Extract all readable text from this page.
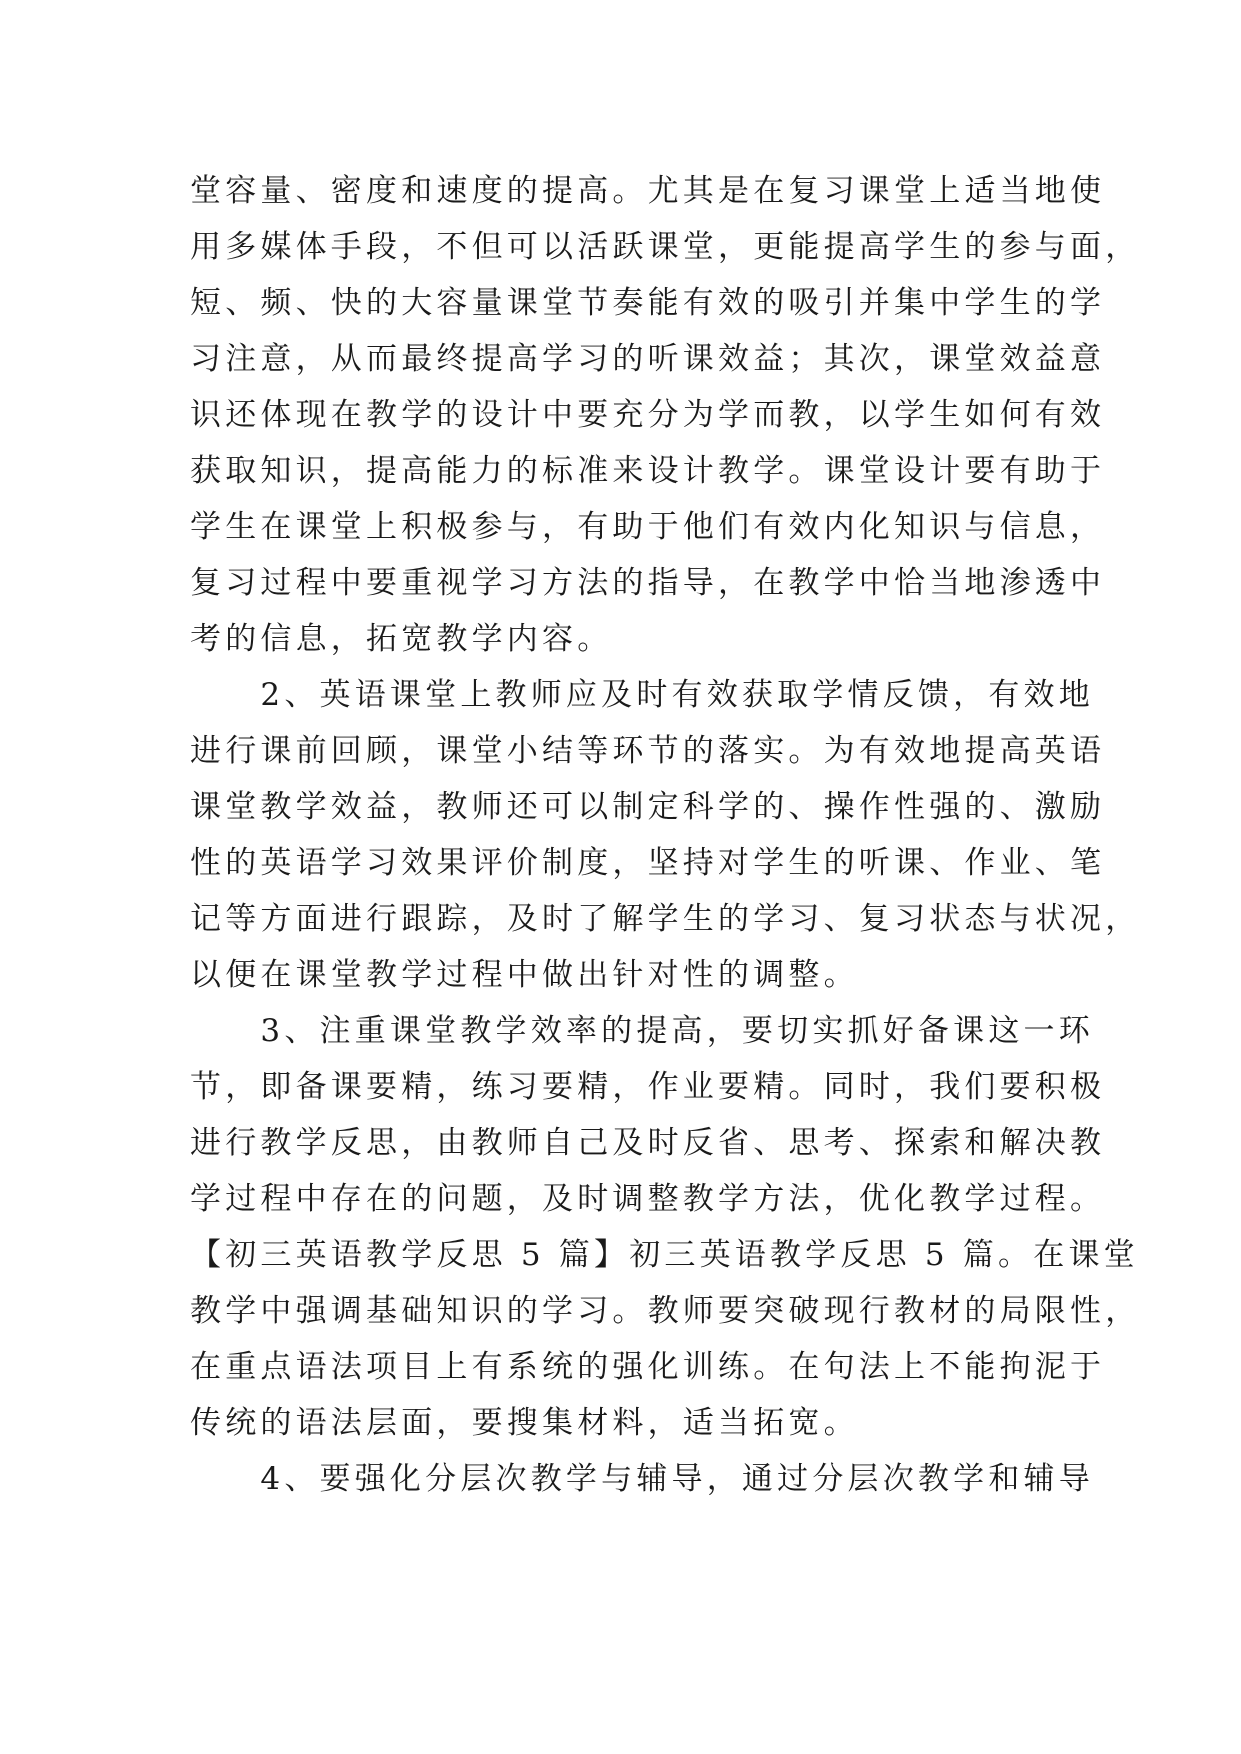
堂容量、密度和速度的提高。尤其是在复习课堂上适当地使
用多媒体手段，不但可以活跃课堂，更能提高学生的参与面，
短、频、快的大容量课堂节奏能有效的吸引并集中学生的学
习注意，从而最终提高学习的听课效益；其次，课堂效益意
识还体现在教学的设计中要充分为学而教，以学生如何有效
获取知识，提高能力的标准来设计教学。课堂设计要有助于
学生在课堂上积极参与，有助于他们有效内化知识与信息，
复习过程中要重视学习方法的指导，在教学中恰当地渗透中
考的信息，拓宽教学内容。
　　2、英语课堂上教师应及时有效获取学情反馈，有效地
进行课前回顾，课堂小结等环节的落实。为有效地提高英语
课堂教学效益，教师还可以制定科学的、操作性强的、激励
性的英语学习效果评价制度，坚持对学生的听课、作业、笔
记等方面进行跟踪，及时了解学生的学习、复习状态与状况，
以便在课堂教学过程中做出针对性的调整。
　　3、注重课堂教学效率的提高，要切实抓好备课这一环
节，即备课要精，练习要精，作业要精。同时，我们要积极
进行教学反思，由教师自己及时反省、思考、探索和解决教
学过程中存在的问题，及时调整教学方法，优化教学过程。
【初三英语教学反思 5 篇】初三英语教学反思 5 篇。在课堂
教学中强调基础知识的学习。教师要突破现行教材的局限性，
在重点语法项目上有系统的强化训练。在句法上不能拘泥于
传统的语法层面，要搜集材料，适当拓宽。
　　4、要强化分层次教学与辅导，通过分层次教学和辅导
